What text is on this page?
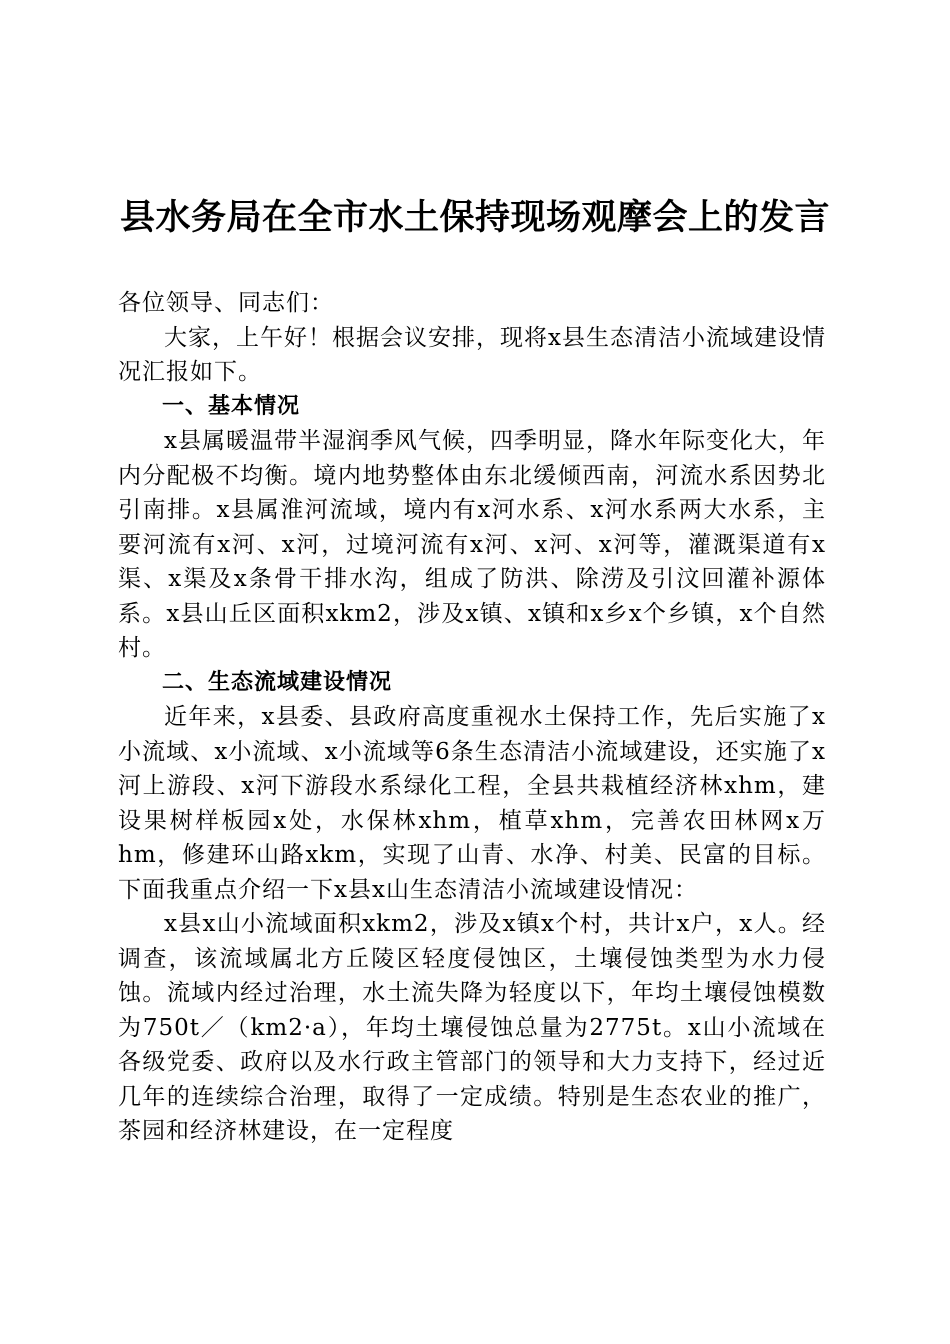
县水务局在全市水土保持现场观摩会上的发言

各位领导、同志们：

大家，上午好！根据会议安排，现将x县生态清洁小流域建设情况汇报如下。

一、基本情况

x县属暖温带半湿润季风气候，四季明显，降水年际变化大，年内分配极不均衡。境内地势整体由东北缓倾西南，河流水系因势北引南排。x县属淮河流域，境内有x河水系、x河水系两大水系，主要河流有x河、x河，过境河流有x河、x河、x河等，灌溉渠道有x渠、x渠及x条骨干排水沟，组成了防洪、除涝及引汶回灌补源体系。x县山丘区面积xkm2，涉及x镇、x镇和x乡x个乡镇，x个自然村。

二、生态流域建设情况

近年来，x县委、县政府高度重视水土保持工作，先后实施了x小流域、x小流域、x小流域等6条生态清洁小流域建设，还实施了x河上游段、x河下游段水系绿化工程，全县共栽植经济林xhm，建设果树样板园x处，水保林xhm，植草xhm，完善农田林网x万hm，修建环山路xkm，实现了山青、水净、村美、民富的目标。下面我重点介绍一下x县x山生态清洁小流域建设情况：

x县x山小流域面积xkm2，涉及x镇x个村，共计x户，x人。经调查，该流域属北方丘陵区轻度侵蚀区，土壤侵蚀类型为水力侵蚀。流域内经过治理，水土流失降为轻度以下，年均土壤侵蚀模数为750t／（km2·a），年均土壤侵蚀总量为2775t。x山小流域在各级党委、政府以及水行政主管部门的领导和大力支持下，经过近几年的连续综合治理，取得了一定成绩。特别是生态农业的推广，茶园和经济林建设，在一定程度
